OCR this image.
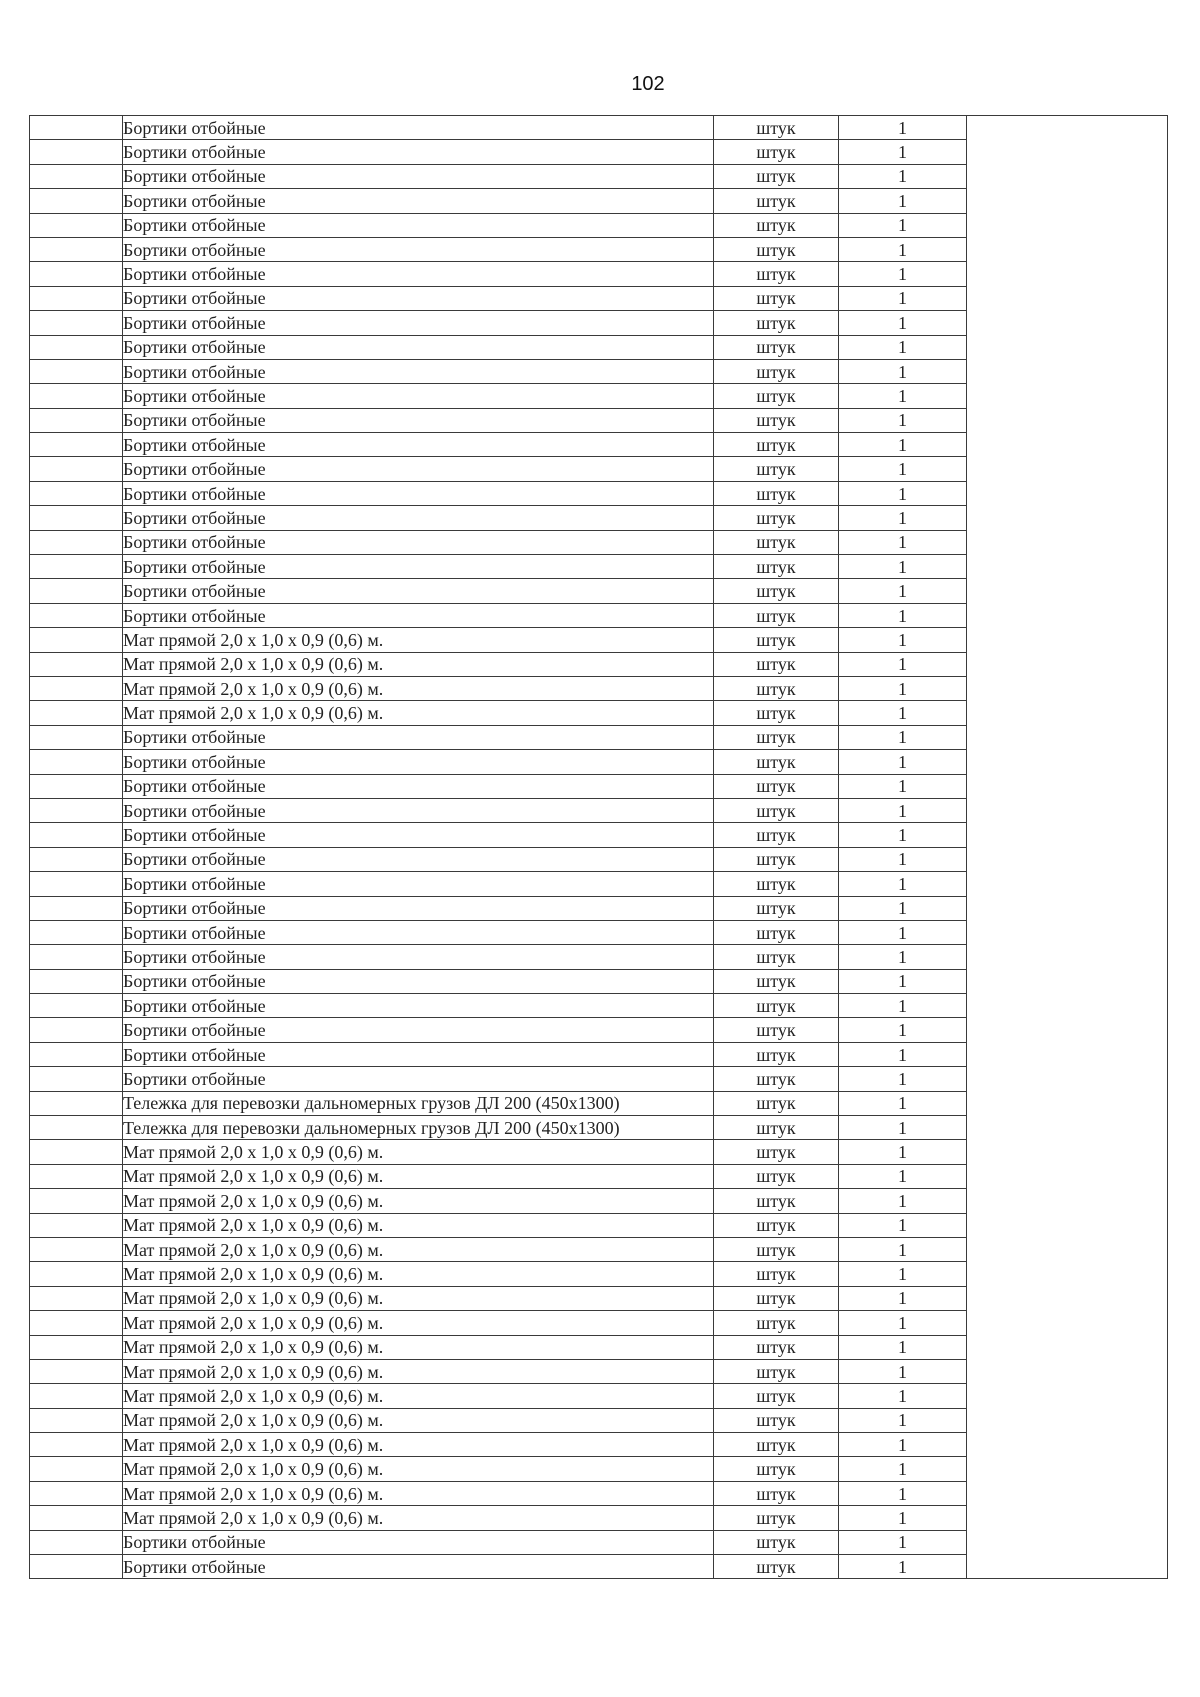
102
	Бортики отбойные	штук	1	
	Бортики отбойные	штук	1	
	Бортики отбойные	штук	1	
	Бортики отбойные	штук	1	
	Бортики отбойные	штук	1	
	Бортики отбойные	штук	1	
	Бортики отбойные	штук	1	
	Бортики отбойные	штук	1	
	Бортики отбойные	штук	1	
	Бортики отбойные	штук	1	
	Бортики отбойные	штук	1	
	Бортики отбойные	штук	1	
	Бортики отбойные	штук	1	
	Бортики отбойные	штук	1	
	Бортики отбойные	штук	1	
	Бортики отбойные	штук	1	
	Бортики отбойные	штук	1	
	Бортики отбойные	штук	1	
	Бортики отбойные	штук	1	
	Бортики отбойные	штук	1	
	Бортики отбойные	штук	1	
	Мат прямой 2,0 х 1,0 х 0,9 (0,6) м.	штук	1	
	Мат прямой 2,0 х 1,0 х 0,9 (0,6) м.	штук	1	
	Мат прямой 2,0 х 1,0 х 0,9 (0,6) м.	штук	1	
	Мат прямой 2,0 х 1,0 х 0,9 (0,6) м.	штук	1	
	Бортики отбойные	штук	1	
	Бортики отбойные	штук	1	
	Бортики отбойные	штук	1	
	Бортики отбойные	штук	1	
	Бортики отбойные	штук	1	
	Бортики отбойные	штук	1	
	Бортики отбойные	штук	1	
	Бортики отбойные	штук	1	
	Бортики отбойные	штук	1	
	Бортики отбойные	штук	1	
	Бортики отбойные	штук	1	
	Бортики отбойные	штук	1	
	Бортики отбойные	штук	1	
	Бортики отбойные	штук	1	
	Бортики отбойные	штук	1	
	Тележка для перевозки дальномерных грузов ДЛ 200 (450х1300)	штук	1	
	Тележка для перевозки дальномерных грузов ДЛ 200 (450х1300)	штук	1	
	Мат прямой 2,0 х 1,0 х 0,9 (0,6) м.	штук	1	
	Мат прямой 2,0 х 1,0 х 0,9 (0,6) м.	штук	1	
	Мат прямой 2,0 х 1,0 х 0,9 (0,6) м.	штук	1	
	Мат прямой 2,0 х 1,0 х 0,9 (0,6) м.	штук	1	
	Мат прямой 2,0 х 1,0 х 0,9 (0,6) м.	штук	1	
	Мат прямой 2,0 х 1,0 х 0,9 (0,6) м.	штук	1	
	Мат прямой 2,0 х 1,0 х 0,9 (0,6) м.	штук	1	
	Мат прямой 2,0 х 1,0 х 0,9 (0,6) м.	штук	1	
	Мат прямой 2,0 х 1,0 х 0,9 (0,6) м.	штук	1	
	Мат прямой 2,0 х 1,0 х 0,9 (0,6) м.	штук	1	
	Мат прямой 2,0 х 1,0 х 0,9 (0,6) м.	штук	1	
	Мат прямой 2,0 х 1,0 х 0,9 (0,6) м.	штук	1	
	Мат прямой 2,0 х 1,0 х 0,9 (0,6) м.	штук	1	
	Мат прямой 2,0 х 1,0 х 0,9 (0,6) м.	штук	1	
	Мат прямой 2,0 х 1,0 х 0,9 (0,6) м.	штук	1	
	Мат прямой 2,0 х 1,0 х 0,9 (0,6) м.	штук	1	
	Бортики отбойные	штук	1	
	Бортики отбойные	штук	1	
